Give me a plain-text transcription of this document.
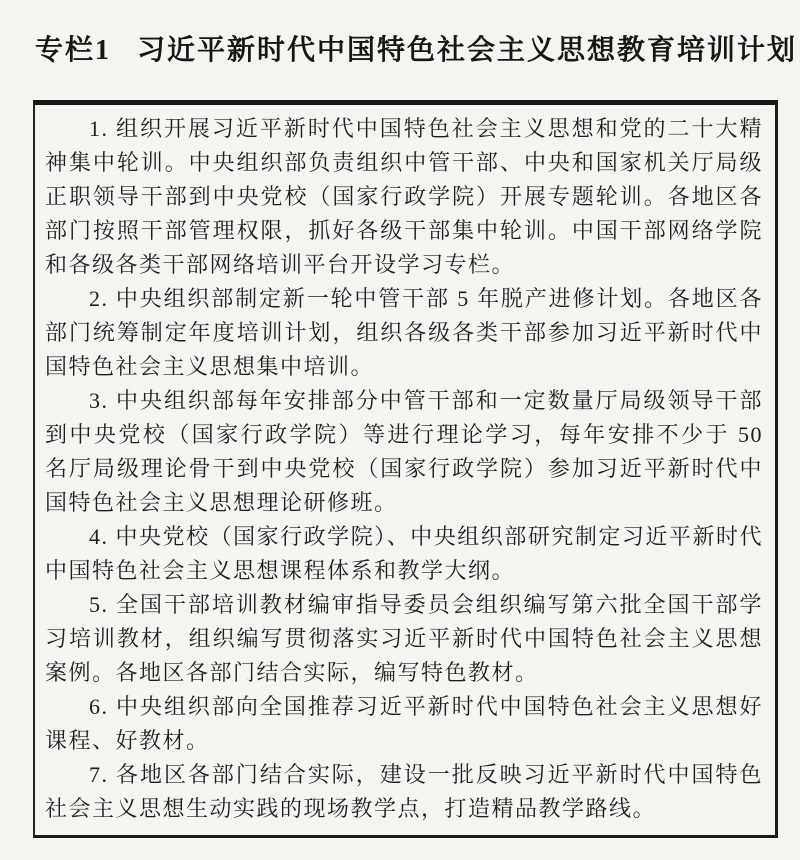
专栏1 习近平新时代中国特色社会主义思想教育培训计划

1. 组织开展习近平新时代中国特色社会主义思想和党的二十大精神集中轮训。中央组织部负责组织中管干部、中央和国家机关厅局级正职领导干部到中央党校（国家行政学院）开展专题轮训。各地区各部门按照干部管理权限，抓好各级干部集中轮训。中国干部网络学院和各级各类干部网络培训平台开设学习专栏。

2. 中央组织部制定新一轮中管干部 5 年脱产进修计划。各地区各部门统筹制定年度培训计划，组织各级各类干部参加习近平新时代中国特色社会主义思想集中培训。

3. 中央组织部每年安排部分中管干部和一定数量厅局级领导干部到中央党校（国家行政学院）等进行理论学习，每年安排不少于 50 名厅局级理论骨干到中央党校（国家行政学院）参加习近平新时代中国特色社会主义思想理论研修班。

4. 中央党校（国家行政学院）、中央组织部研究制定习近平新时代中国特色社会主义思想课程体系和教学大纲。

5. 全国干部培训教材编审指导委员会组织编写第六批全国干部学习培训教材，组织编写贯彻落实习近平新时代中国特色社会主义思想案例。各地区各部门结合实际，编写特色教材。

6. 中央组织部向全国推荐习近平新时代中国特色社会主义思想好课程、好教材。

7. 各地区各部门结合实际，建设一批反映习近平新时代中国特色社会主义思想生动实践的现场教学点，打造精品教学路线。
